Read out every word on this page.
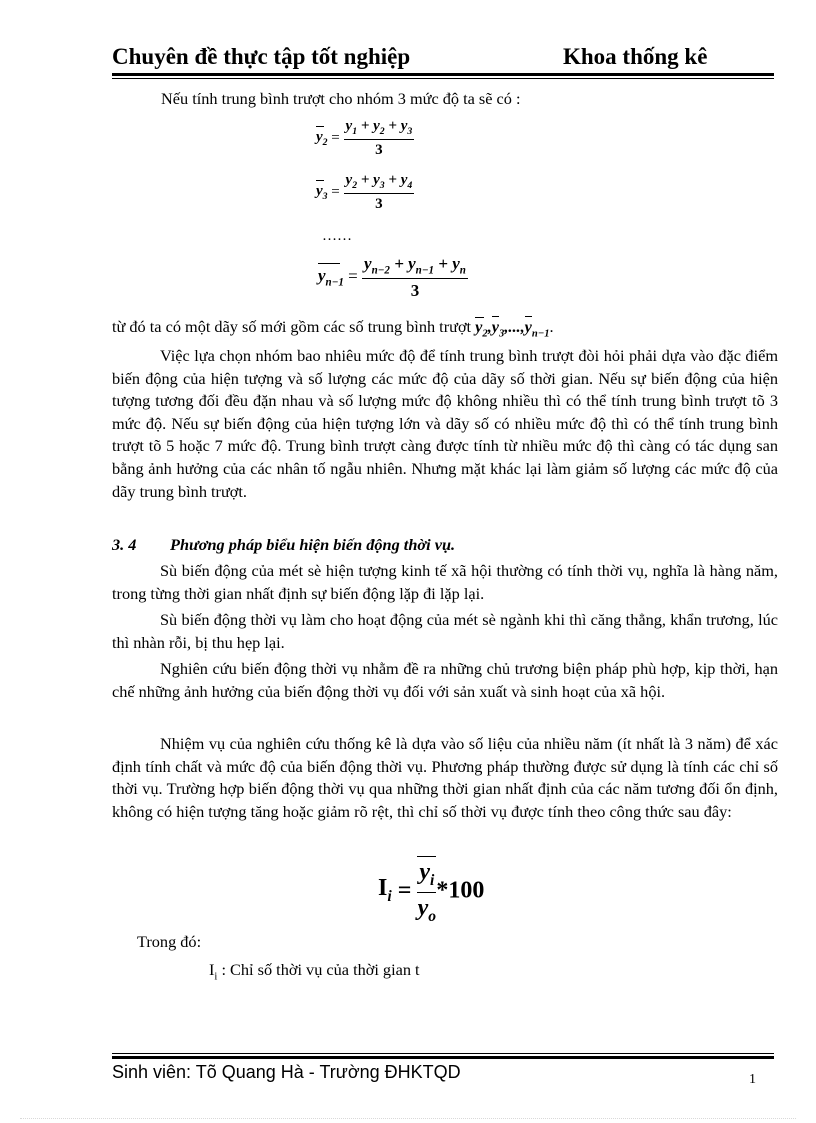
Chuyên đề thực tập tốt nghiệp	Khoa thống kê
Nếu tính trung bình trượt cho nhóm 3 mức độ ta sẽ có :
$y_2 = \frac{y_1 + y_2 + y_3}{3}$
$y_3 = \frac{y_2 + y_3 + y_4}{3}$
……
$y_{n-1} = \frac{y_{n-2} + y_{n-1} + y_n}{3}$
từ đó ta có một dãy số mới gồm các số trung bình trượt $y_2,y_3,...,y_{n-1}$.

Việc lựa chọn nhóm bao nhiêu mức độ để tính trung bình trượt đòi hỏi phải dựa vào đặc điểm biến động của hiện tượng và số lượng các mức độ của dãy số thời gian. Nếu sự biến động của hiện tượng tương đối đều đặn nhau và số lượng mức độ không nhiều thì có thể tính trung bình trượt tõ 3 mức độ. Nếu sự biến động của hiện tượng lớn và dãy số có nhiều mức độ thì có thể tính trung bình trượt tõ 5 hoặc 7 mức độ. Trung bình trượt càng được tính từ nhiều mức độ thì càng có tác dụng san bằng ảnh hưởng của các nhân tố ngẫu nhiên. Nhưng mặt khác lại làm giảm số lượng các mức độ của dãy trung bình trượt.

3. 4 Phương pháp biểu hiện biến động thời vụ.

Sù biến động của mét sè hiện tượng kinh tế xã hội thường có tính thời vụ, nghĩa là hàng năm, trong từng thời gian nhất định sự biến động lặp đi lặp lại.

Sù biến động thời vụ làm cho hoạt động của mét sè ngành khi thì căng thẳng, khẩn trương, lúc thì nhàn rỗi, bị thu hẹp lại.

Nghiên cứu biến động thời vụ nhằm đề ra những chủ trương biện pháp phù hợp, kịp thời, hạn chế những ảnh hưởng của biến động thời vụ đối với sản xuất và sinh hoạt của xã hội.

Nhiệm vụ của nghiên cứu thống kê là dựa vào số liệu của nhiều năm (ít nhất là 3 năm) để xác định tính chất và mức độ của biến động thời vụ. Phương pháp thường được sử dụng là tính các chỉ số thời vụ. Trường hợp biến động thời vụ qua những thời gian nhất định của các năm tương đối ổn định, không có hiện tượng tăng hoặc giảm rõ rệt, thì chỉ số thời vụ được tính theo công thức sau đây:

$I_i = \frac{y_i}{y_o} *100$
Trong đó:
$I_i$ : Chỉ số thời vụ của thời gian t
Sinh viên: Tõ Quang Hà - Trường ĐHKTQD	1
